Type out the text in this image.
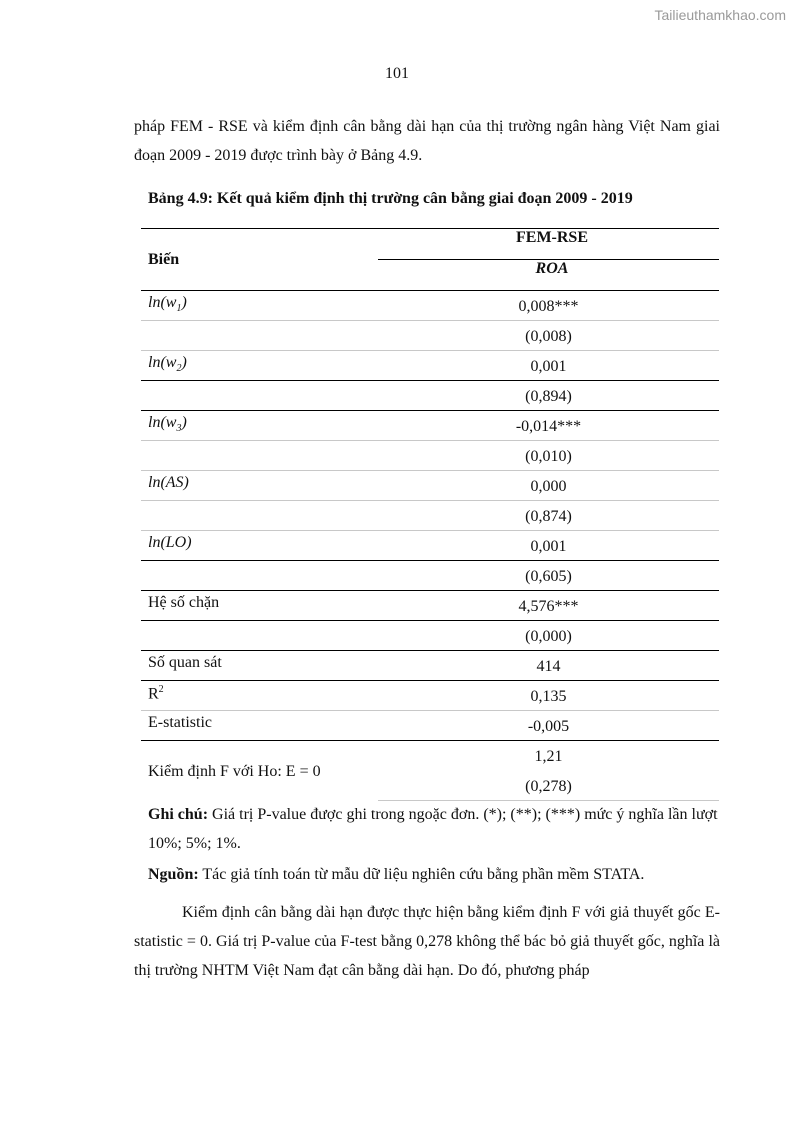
Tailieuthamkhao.com
101
pháp FEM - RSE và kiểm định cân bằng dài hạn của thị trường ngân hàng Việt Nam giai đoạn 2009 - 2019 được trình bày ở Bảng 4.9.
Bảng 4.9: Kết quả kiểm định thị trường cân bằng giai đoạn 2009 - 2019
Biến	FEM-RSE
	ROA
$\ln(w_1)$	0,008***
	(0,008)
$\ln(w_2)$	0,001
	(0,894)
$\ln(w_3)$	-0,014***
	(0,010)
ln(AS)	0,000
	(0,874)
ln(LO)	0,001
	(0,605)
Hệ số chặn	4,576***
	(0,000)
Số quan sát	414
$R^2$	0,135
E-statistic	-0,005
Kiểm định F với Ho: E = 0	1,21
	(0,278)
Ghi chú: Giá trị P-value được ghi trong ngoặc đơn. (*); (**); (***) mức ý nghĩa lần lượt 10%; 5%; 1%.
Nguồn: Tác giả tính toán từ mẫu dữ liệu nghiên cứu bằng phần mềm STATA.
Kiểm định cân bằng dài hạn được thực hiện bằng kiểm định F với giả thuyết gốc E-statistic = 0. Giá trị P-value của F-test bằng 0,278 không thể bác bỏ giả thuyết gốc, nghĩa là thị trường NHTM Việt Nam đạt cân bằng dài hạn. Do đó, phương pháp
